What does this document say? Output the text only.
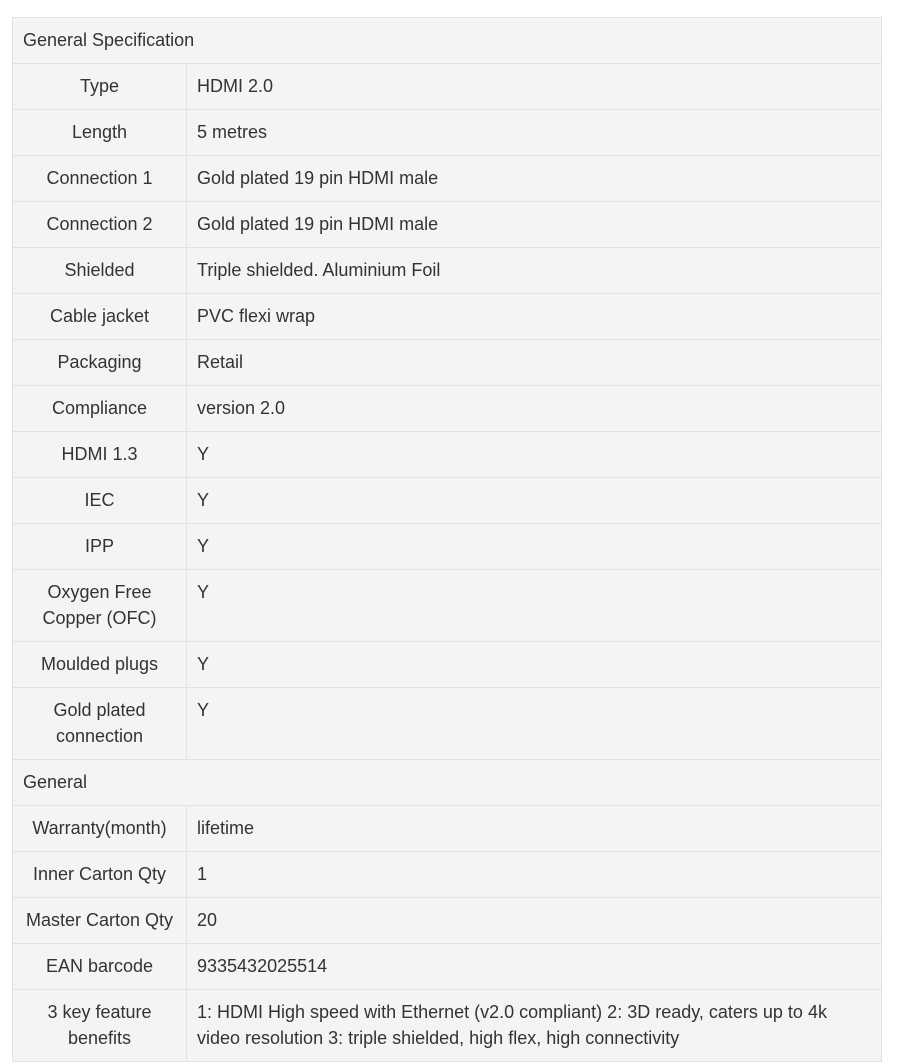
General Specification	
Type	HDMI 2.0
Length	5 metres
Connection 1	Gold plated 19 pin HDMI male
Connection 2	Gold plated 19 pin HDMI male
Shielded	Triple shielded. Aluminium Foil
Cable jacket	PVC flexi wrap
Packaging	Retail
Compliance	version 2.0
HDMI 1.3	Y
IEC	Y
IPP	Y
Oxygen Free Copper (OFC)	Y
Moulded plugs	Y
Gold plated connection	Y
General	
Warranty(month)	lifetime
Inner Carton Qty	1
Master Carton Qty	20
EAN barcode	9335432025514
3 key feature benefits	1: HDMI High speed with Ethernet (v2.0 compliant) 2: 3D ready, caters up to 4k video resolution 3: triple shielded, high flex, high connectivity
